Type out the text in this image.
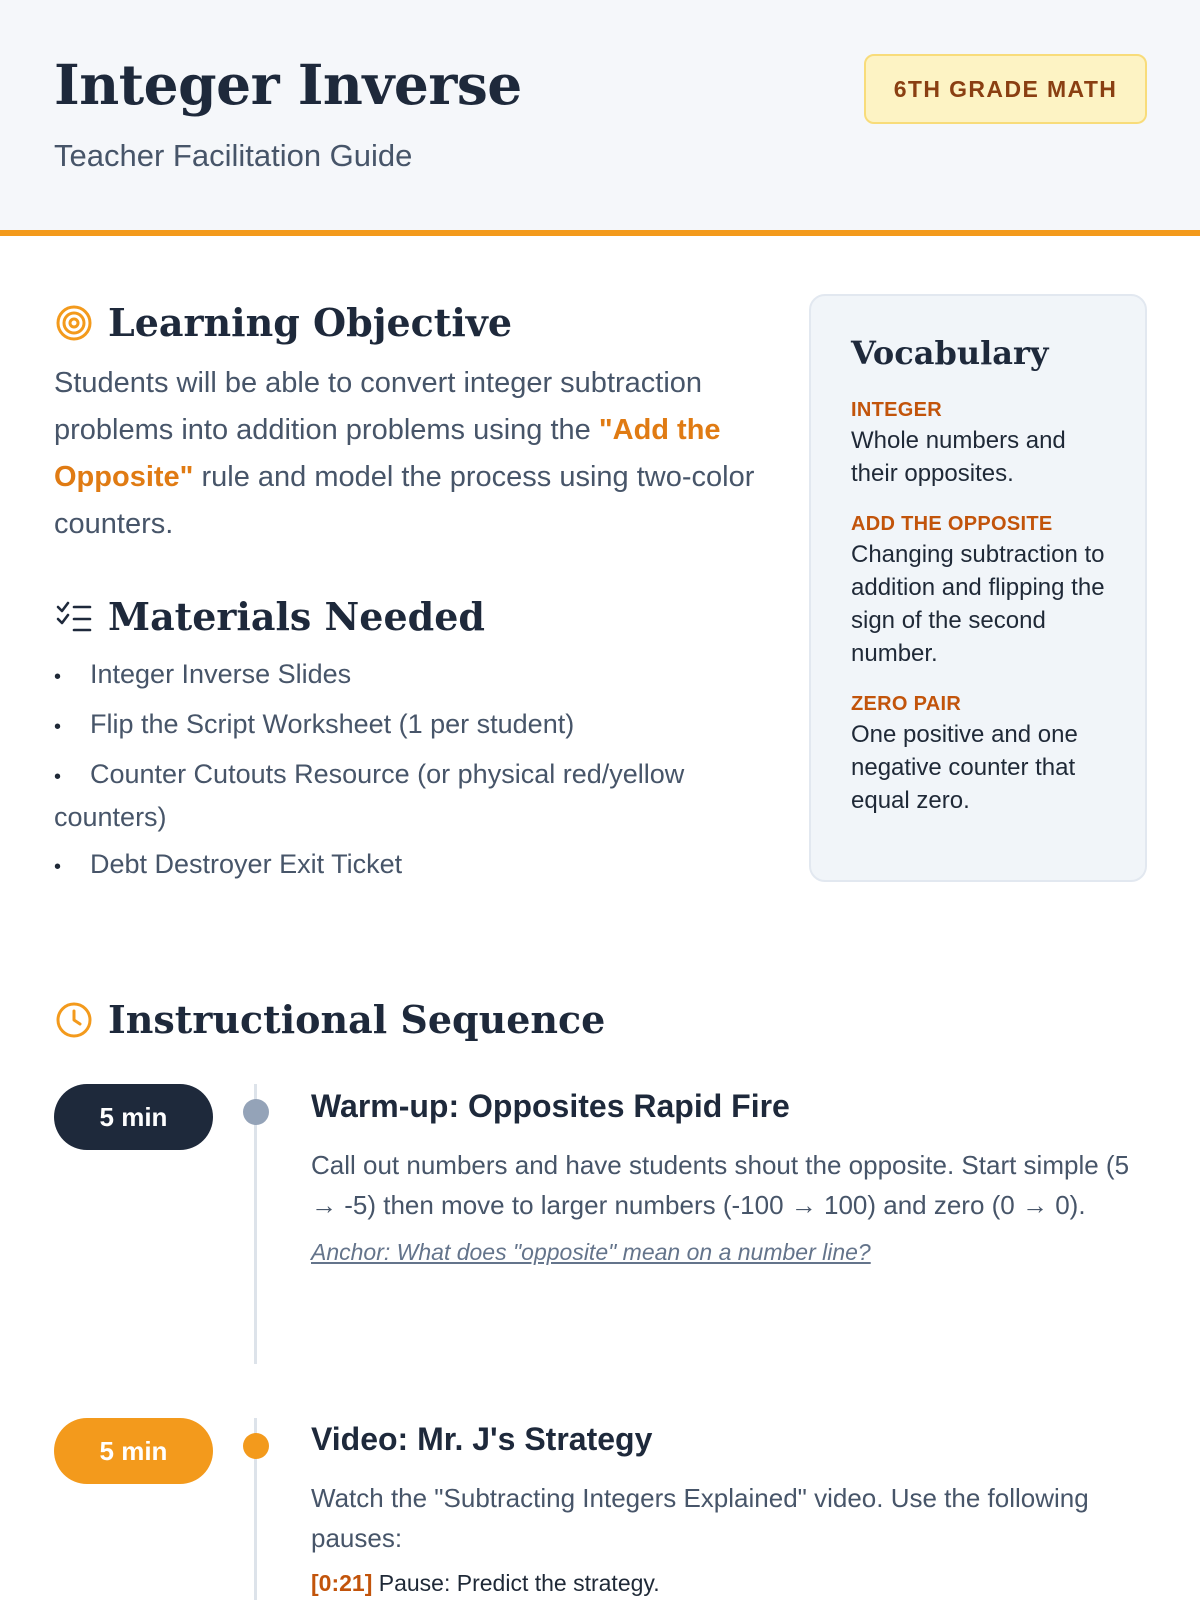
Integer Inverse
Teacher Facilitation Guide
6TH GRADE MATH
Learning Objective
Students will be able to convert integer subtraction problems into addition problems using the "Add the Opposite" rule and model the process using two-color counters.
Materials Needed
• Integer Inverse Slides
• Flip the Script Worksheet (1 per student)
• Counter Cutouts Resource (or physical red/yellow counters)
• Debt Destroyer Exit Ticket
Vocabulary
INTEGER
Whole numbers and their opposites.
ADD THE OPPOSITE
Changing subtraction to addition and flipping the sign of the second number.
ZERO PAIR
One positive and one negative counter that equal zero.
Instructional Sequence
5 min	Warm-up: Opposites Rapid Fire

Call out numbers and have students shout the opposite. Start simple (5 → -5) then move to larger numbers (-100 → 100) and zero (0 → 0).

Anchor: What does "opposite" mean on a number line?
5 min	Video: Mr. J's Strategy

Watch the "Subtracting Integers Explained" video. Use the following pauses:

[0:21] Pause: Predict the strategy.
